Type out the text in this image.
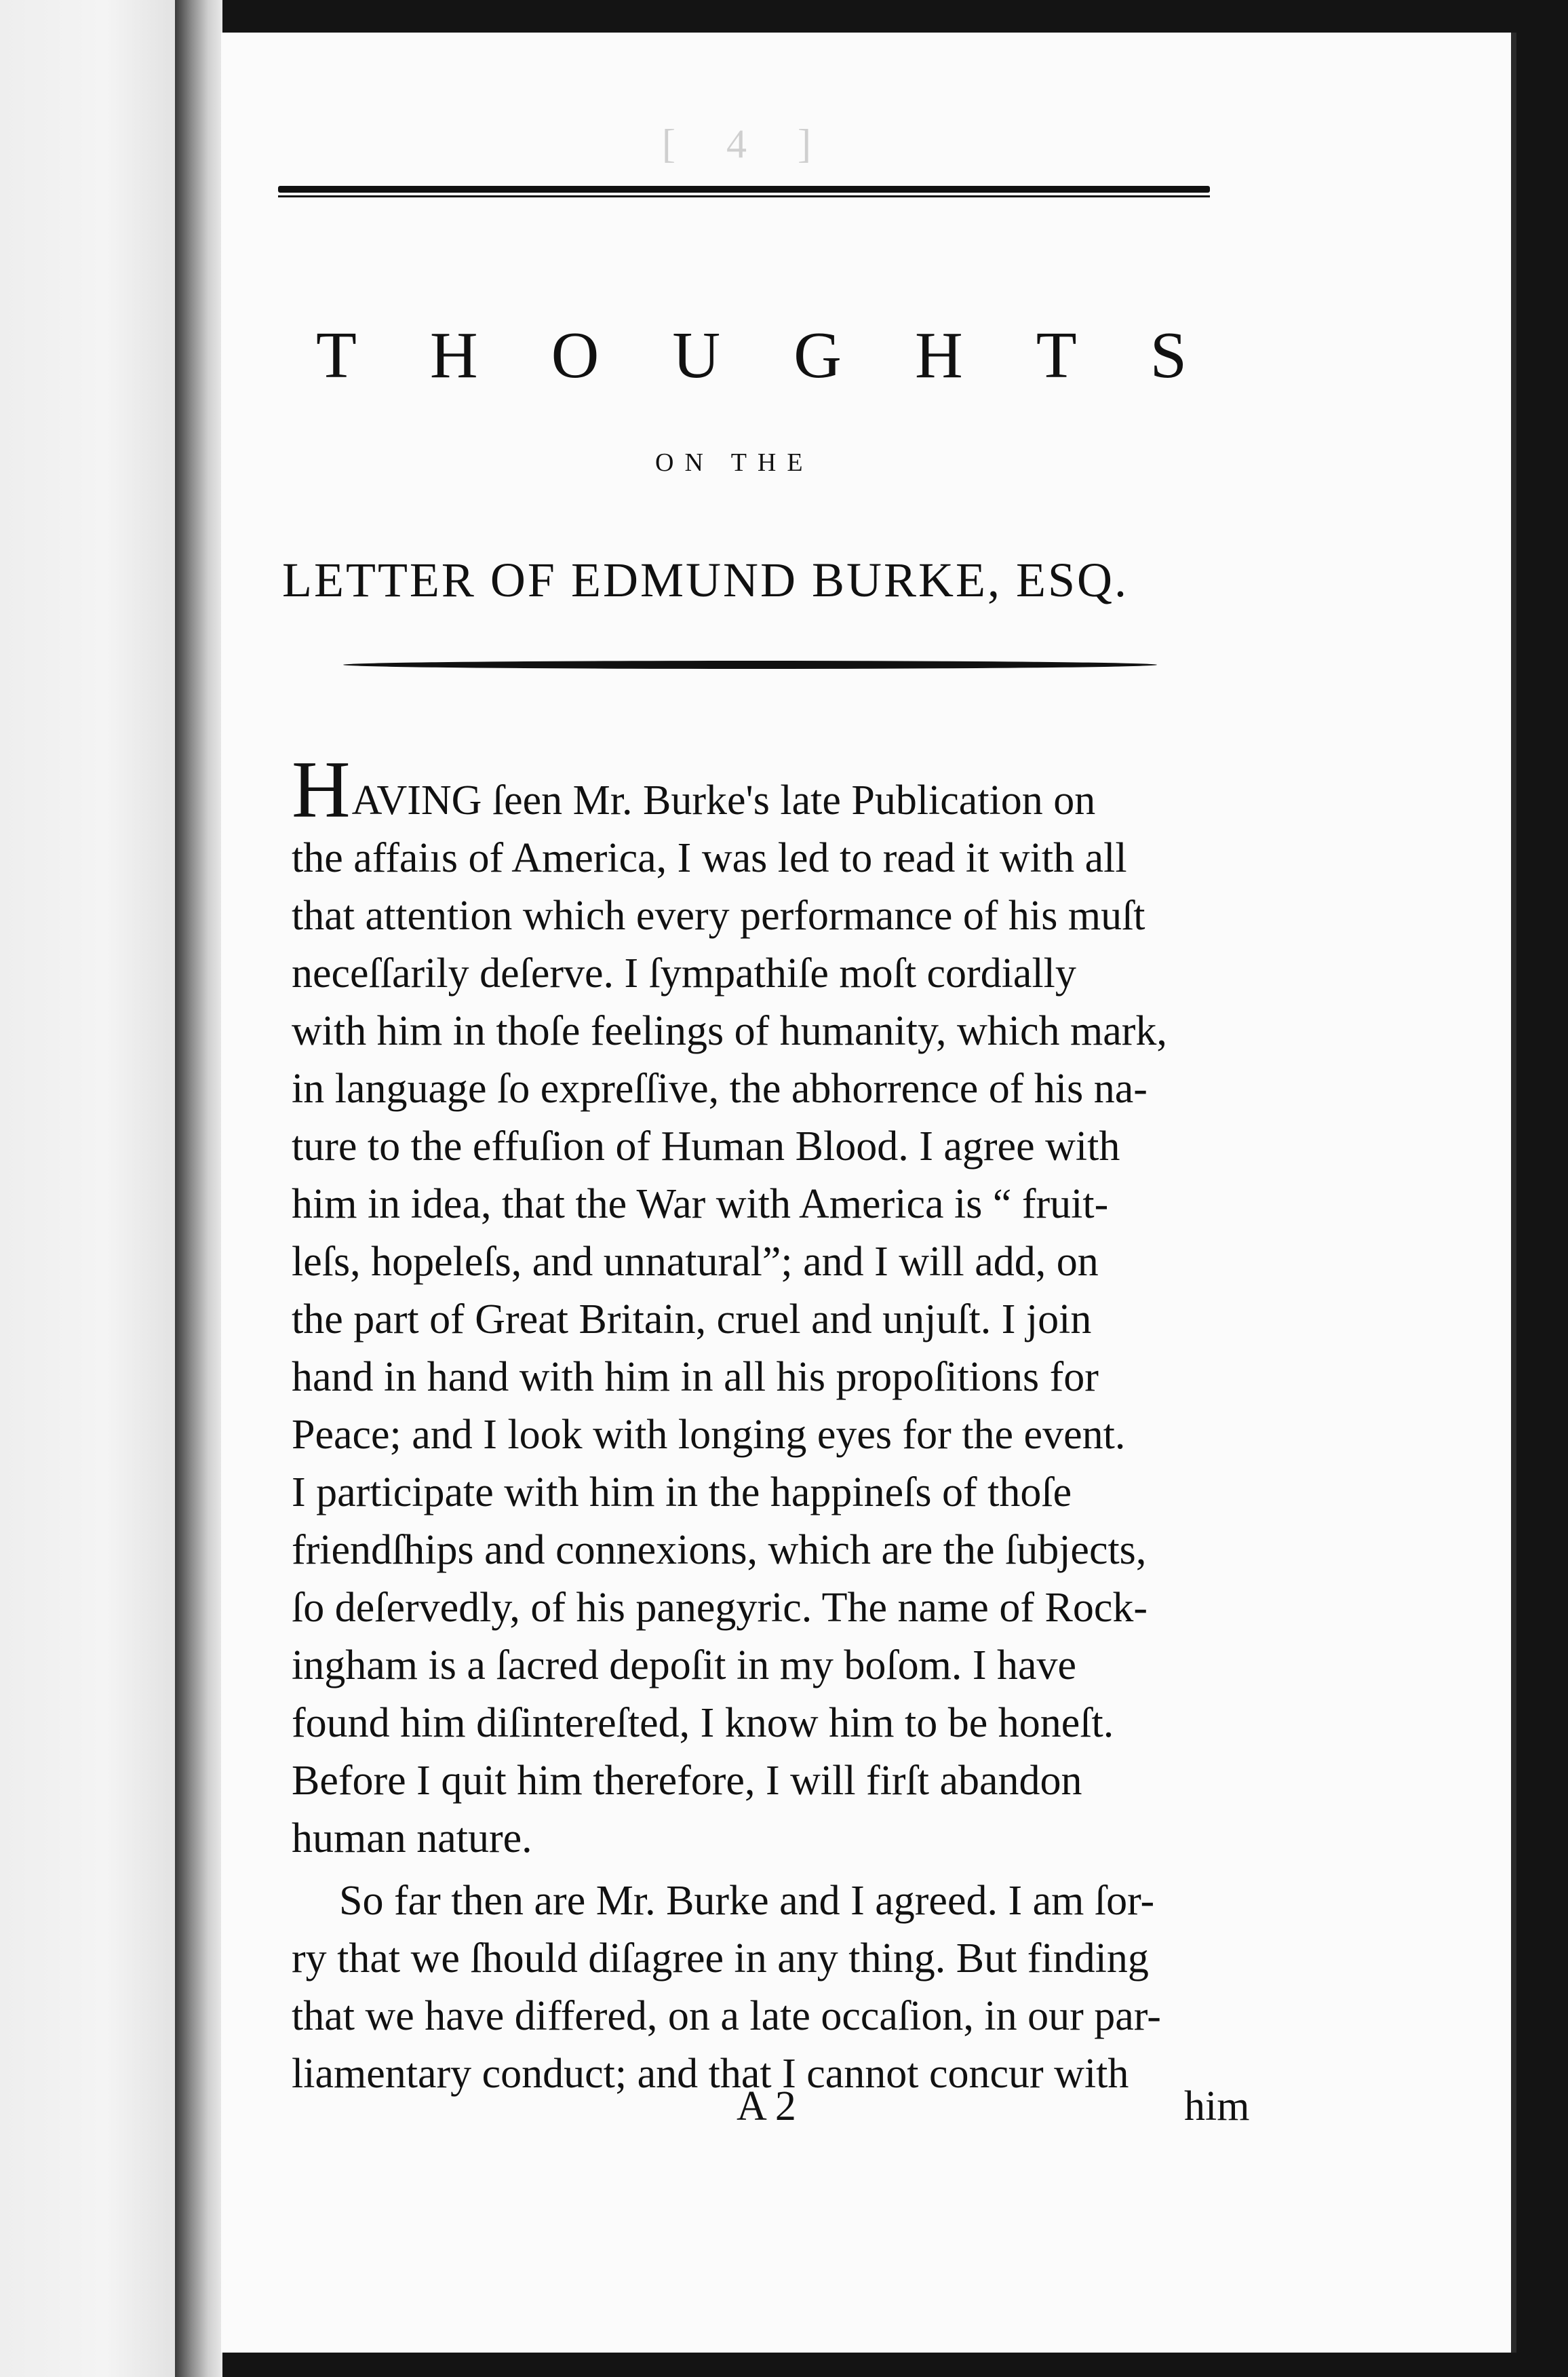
[ 4 ]
THOUGHTS
ON THE
LETTER OF EDMUND BURKE, ESQ.
HAVING ſeen Mr. Burke's late Publication on
the affaiıs of America, I was led to read it with all
that attention which every performance of his muſt
neceſſarily deſerve. I ſympathiſe moſt cordially
with him in thoſe feelings of humanity, which mark,
in language ſo expreſſive, the abhorrence of his na-
ture to the effuſion of Human Blood. I agree with
him in idea, that the War with America is “ fruit-
leſs, hopeleſs, and unnatural”; and I will add, on
the part of Great Britain, cruel and unjuſt. I join
hand in hand with him in all his propoſitions for
Peace; and I look with longing eyes for the event.
I participate with him in the happineſs of thoſe
friendſhips and connexions, which are the ſubjects,
ſo deſervedly, of his panegyric. The name of Rock-
ingham is a ſacred depoſit in my boſom. I have
found him diſintereſted, I know him to be honeſt.
Before I quit him therefore, I will firſt abandon
human nature.
So far then are Mr. Burke and I agreed. I am ſor-
ry that we ſhould diſagree in any thing. But finding
that we have differed, on a late occaſion, in our par-
liamentary conduct; and that I cannot concur with
A 2	him
